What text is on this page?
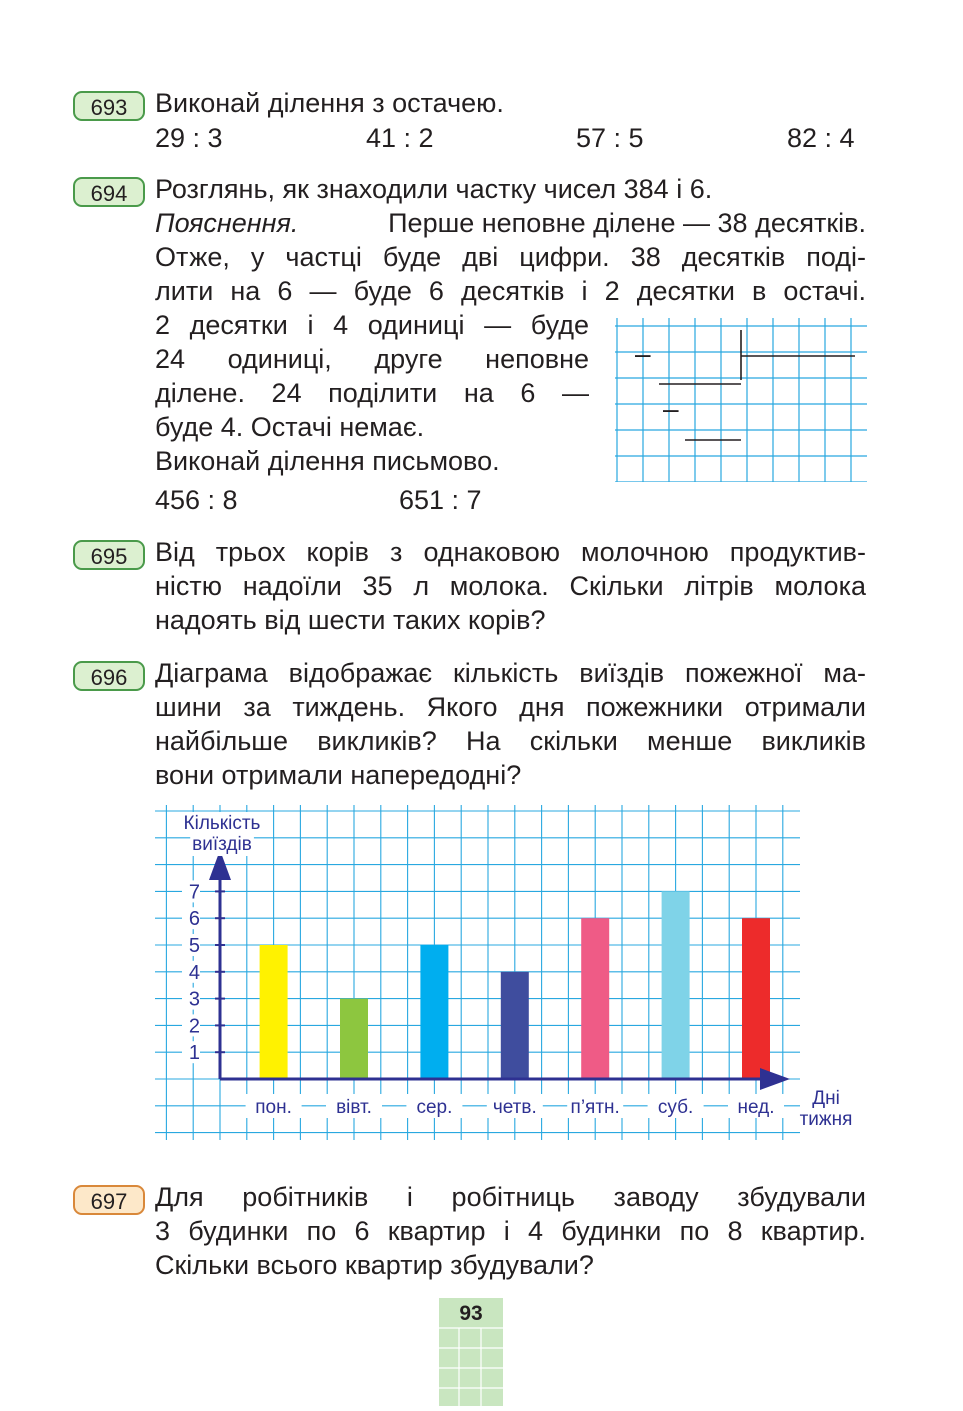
693	Виконай ділення з остачею.
29 : 3	41 : 2	57 : 5	82 : 4
694	Розглянь, як знаходили частку чисел 384 і 6.
Пояснення.	Перше неповне ділене — 38 десятків.
Отже, у частці буде дві цифри. 38 десятків поді-
лити на 6 — буде 6 десятків і 2 десятки в остачі.
2 десятки і 4 одиниці — буде
24 одиниці, друге неповне
ділене. 24 поділити на 6 —
буде 4. Остачі немає.
Виконай ділення письмово.
456 : 8	651 : 7
–
–
384 6
36 64
24
24
0
695	Від трьох корів з однаковою молочною продуктив-
ністю надоїли 35 л молока. Скільки літрів молока
надоять від шести таких корів?
696	Діаграма відображає кількість виїздів пожежної ма-
шини за тиждень. Якого дня пожежники отримали
найбільше викликів? На скільки менше викликів
вони отримали напередодні?
Кількість
виїздів
Дні
тижня
пон. вівт. сер. четв. п’ятн. суб. нед.
1
2
3
4
5
6
7
697	Для робітників і робітниць заводу збудували
3 будинки по 6 квартир і 4 будинки по 8 квартир.
Скільки всього квартир збудували?
93
